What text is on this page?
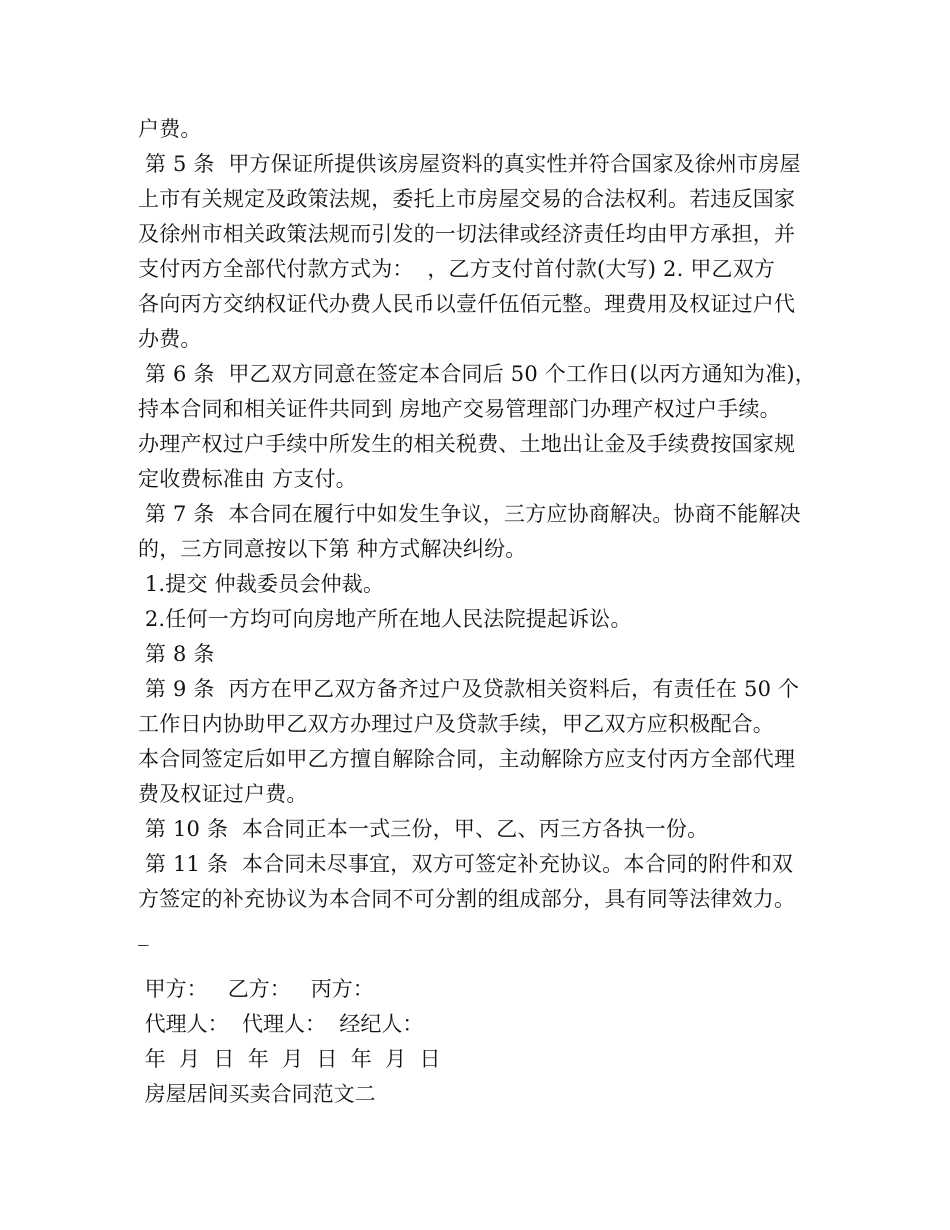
户费。
第 5 条  甲方保证所提供该房屋资料的真实性并符合国家及徐州市房屋
上市有关规定及政策法规，委托上市房屋交易的合法权利。若违反国家
及徐州市相关政策法规而引发的一切法律或经济责任均由甲方承担，并
支付丙方全部代付款方式为：  ，乙方支付首付款(大写) 2. 甲乙双方
各向丙方交纳权证代办费人民币以壹仟伍佰元整。理费用及权证过户代
办费。
第 6 条  甲乙双方同意在签定本合同后 50 个工作日(以丙方通知为准)，
持本合同和相关证件共同到 房地产交易管理部门办理产权过户手续。
办理产权过户手续中所发生的相关税费、土地出让金及手续费按国家规
定收费标准由 方支付。
第 7 条  本合同在履行中如发生争议，三方应协商解决。协商不能解决
的，三方同意按以下第 种方式解决纠纷。
1.提交 仲裁委员会仲裁。
2.任何一方均可向房地产所在地人民法院提起诉讼。
第 8 条
第 9 条  丙方在甲乙双方备齐过户及贷款相关资料后，有责任在 50 个
工作日内协助甲乙双方办理过户及贷款手续，甲乙双方应积极配合。
本合同签定后如甲乙方擅自解除合同，主动解除方应支付丙方全部代理
费及权证过户费。
第 10 条  本合同正本一式三份，甲、乙、丙三方各执一份。
第 11 条  本合同未尽事宜，双方可签定补充协议。本合同的附件和双
方签定的补充协议为本合同不可分割的组成部分，具有同等法律效力。
_
甲方：   乙方：   丙方：
代理人：  代理人：  经纪人：
年  月  日  年  月  日  年  月  日
房屋居间买卖合同范文二
